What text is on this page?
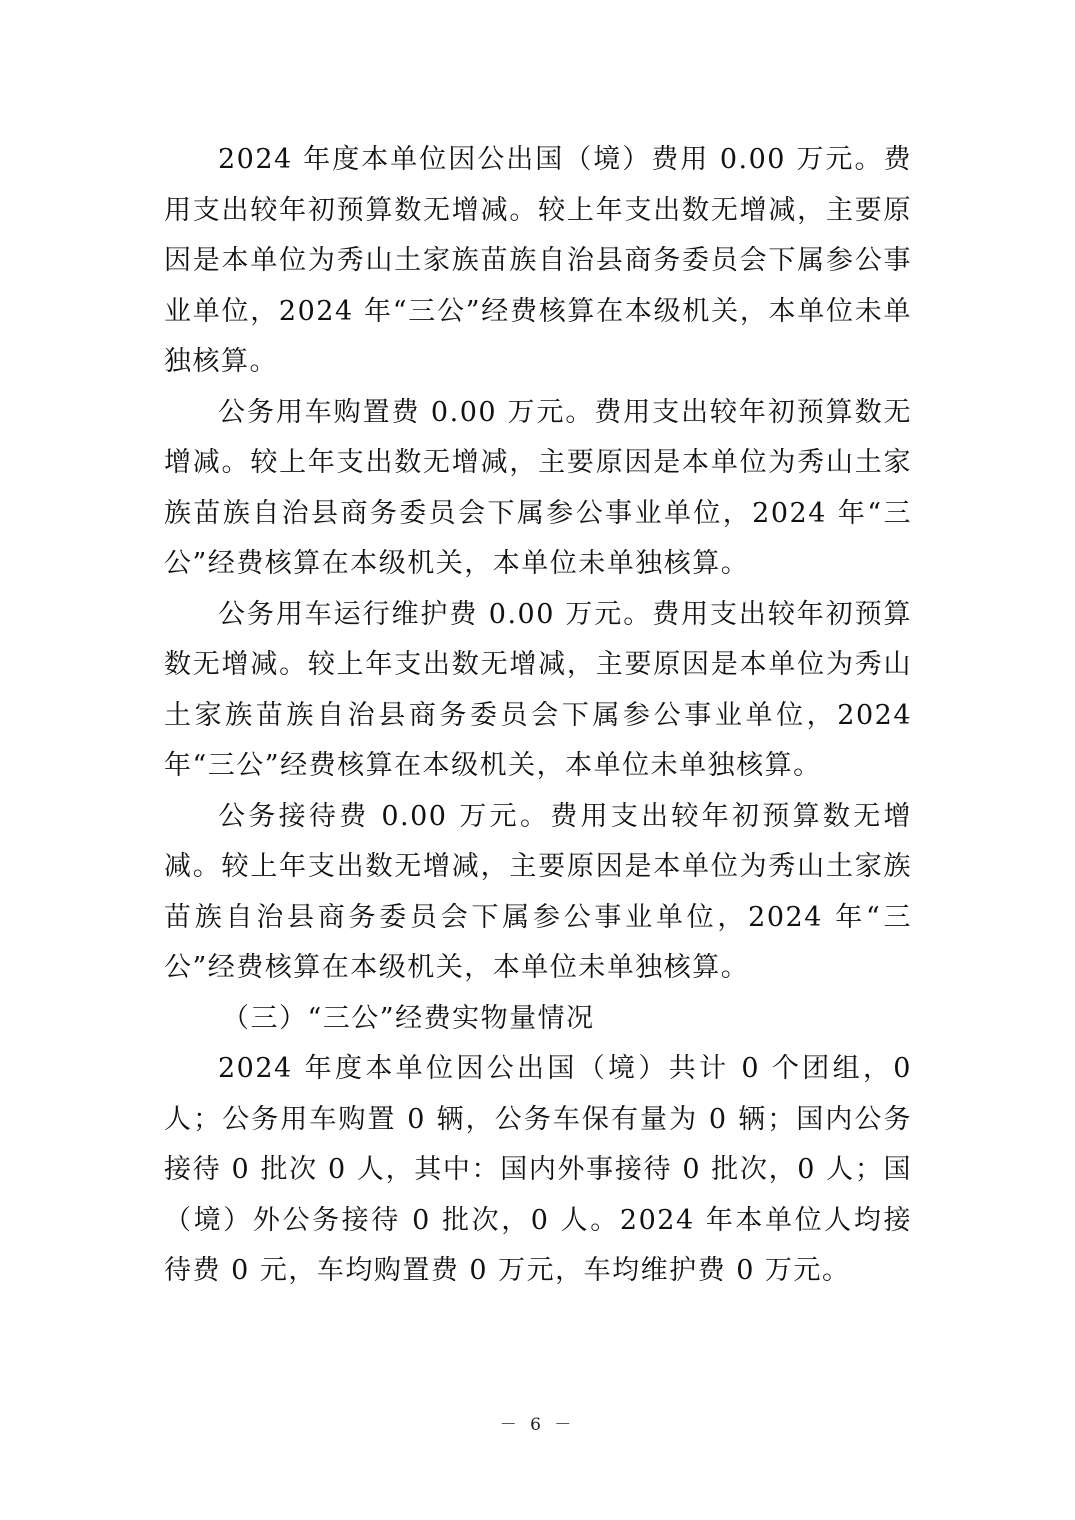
2024 年度本单位因公出国（境）费用 0.00 万元。费用支出较年初预算数无增减。较上年支出数无增减，主要原因是本单位为秀山土家族苗族自治县商务委员会下属参公事业单位，2024 年“三公”经费核算在本级机关，本单位未单独核算。

公务用车购置费 0.00 万元。费用支出较年初预算数无增减。较上年支出数无增减，主要原因是本单位为秀山土家族苗族自治县商务委员会下属参公事业单位，2024 年“三公”经费核算在本级机关，本单位未单独核算。

公务用车运行维护费 0.00 万元。费用支出较年初预算数无增减。较上年支出数无增减，主要原因是本单位为秀山土家族苗族自治县商务委员会下属参公事业单位，2024 年“三公”经费核算在本级机关，本单位未单独核算。

公务接待费 0.00 万元。费用支出较年初预算数无增减。较上年支出数无增减，主要原因是本单位为秀山土家族苗族自治县商务委员会下属参公事业单位，2024 年“三公”经费核算在本级机关，本单位未单独核算。

（三）“三公”经费实物量情况

2024 年度本单位因公出国（境）共计 0 个团组，0 人；公务用车购置 0 辆，公务车保有量为 0 辆；国内公务接待 0 批次 0 人，其中：国内外事接待 0 批次，0 人；国（境）外公务接待 0 批次，0 人。2024 年本单位人均接待费 0 元，车均购置费 0 万元，车均维护费 0 万元。

－ 6 －
